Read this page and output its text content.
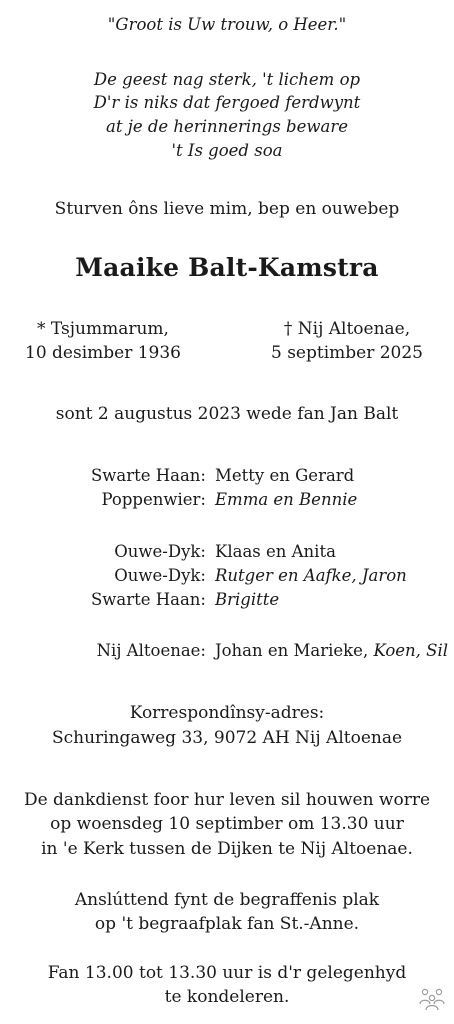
"Groot is Uw trouw, o Heer."
De geest nag sterk, 't lichem op
D'r is niks dat fergoed ferdwynt
at je de herinnerings beware
't Is goed soa
Sturven ôns lieve mim, bep en ouwebep
Maaike Balt-Kamstra
* Tsjummarum,
10 desimber 1936
† Nij Altoenae,
5 septimber 2025
sont 2 augustus 2023 wede fan Jan Balt
Swarte Haan: Metty en Gerard
Poppenwier: Emma en Bennie
Ouwe-Dyk: Klaas en Anita
Ouwe-Dyk: Rutger en Aafke, Jaron
Swarte Haan: Brigitte
Nij Altoenae: Johan en Marieke, Koen, Sil
Korrespondînsy-adres:
Schuringaweg 33, 9072 AH Nij Altoenae
De dankdienst foor hur leven sil houwen worre
op woensdeg 10 septimber om 13.30 uur
in 'e Kerk tussen de Dijken te Nij Altoenae.
Anslúttend fynt de begraffenis plak
op 't begraafplak fan St.-Anne.
Fan 13.00 tot 13.30 uur is d'r gelegenhyd
te kondeleren.
